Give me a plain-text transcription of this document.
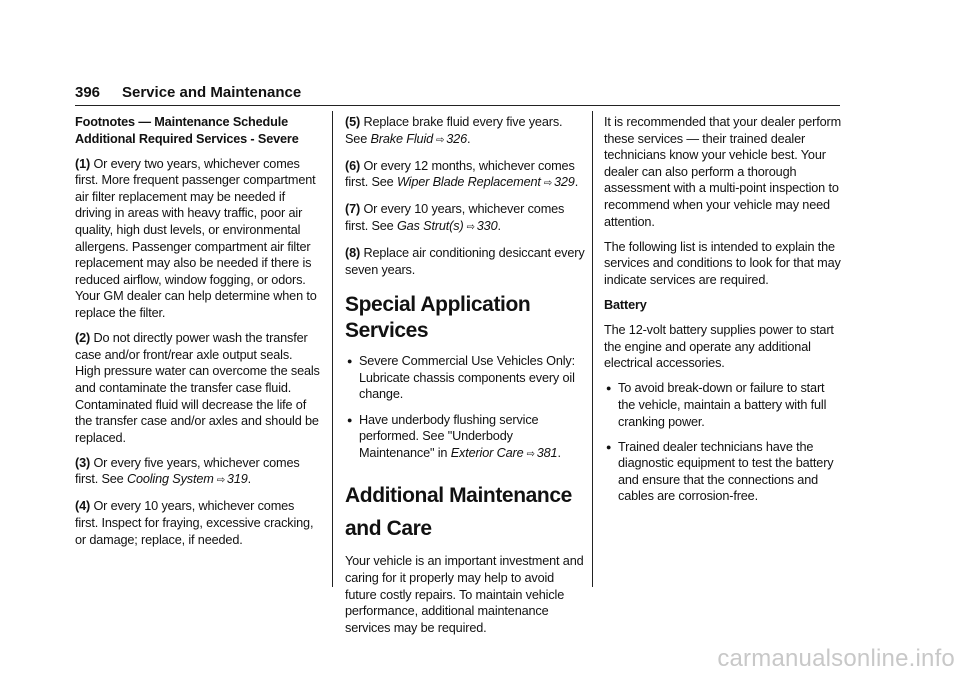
396 Service and Maintenance

Footnotes — Maintenance Schedule
Additional Required Services - Severe

(1) Or every two years, whichever comes first. More frequent passenger compartment air filter replacement may be needed if driving in areas with heavy traffic, poor air quality, high dust levels, or environmental allergens. Passenger compartment air filter replacement may also be needed if there is reduced airflow, window fogging, or odors. Your GM dealer can help determine when to replace the filter.

(2) Do not directly power wash the transfer case and/or front/rear axle output seals. High pressure water can overcome the seals and contaminate the transfer case fluid. Contaminated fluid will decrease the life of the transfer case and/or axles and should be replaced.

(3) Or every five years, whichever comes first. See Cooling System ⇨ 319.

(4) Or every 10 years, whichever comes first. Inspect for fraying, excessive cracking, or damage; replace, if needed.

(5) Replace brake fluid every five years. See Brake Fluid ⇨ 326.

(6) Or every 12 months, whichever comes first. See Wiper Blade Replacement ⇨ 329.

(7) Or every 10 years, whichever comes first. See Gas Strut(s) ⇨ 330.

(8) Replace air conditioning desiccant every seven years.

Special Application Services
● Severe Commercial Use Vehicles Only: Lubricate chassis components every oil change.
● Have underbody flushing service performed. See "Underbody Maintenance" in Exterior Care ⇨ 381.
Additional Maintenance
and Care

Your vehicle is an important investment and caring for it properly may help to avoid future costly repairs. To maintain vehicle performance, additional maintenance services may be required.

It is recommended that your dealer perform these services — their trained dealer technicians know your vehicle best. Your dealer can also perform a thorough assessment with a multi-point inspection to recommend when your vehicle may need attention.

The following list is intended to explain the services and conditions to look for that may indicate services are required.

Battery

The 12-volt battery supplies power to start the engine and operate any additional electrical accessories.

● To avoid break-down or failure to start the vehicle, maintain a battery with full cranking power.
● Trained dealer technicians have the diagnostic equipment to test the battery and ensure that the connections and cables are corrosion-free.
carmanualsonline.info
